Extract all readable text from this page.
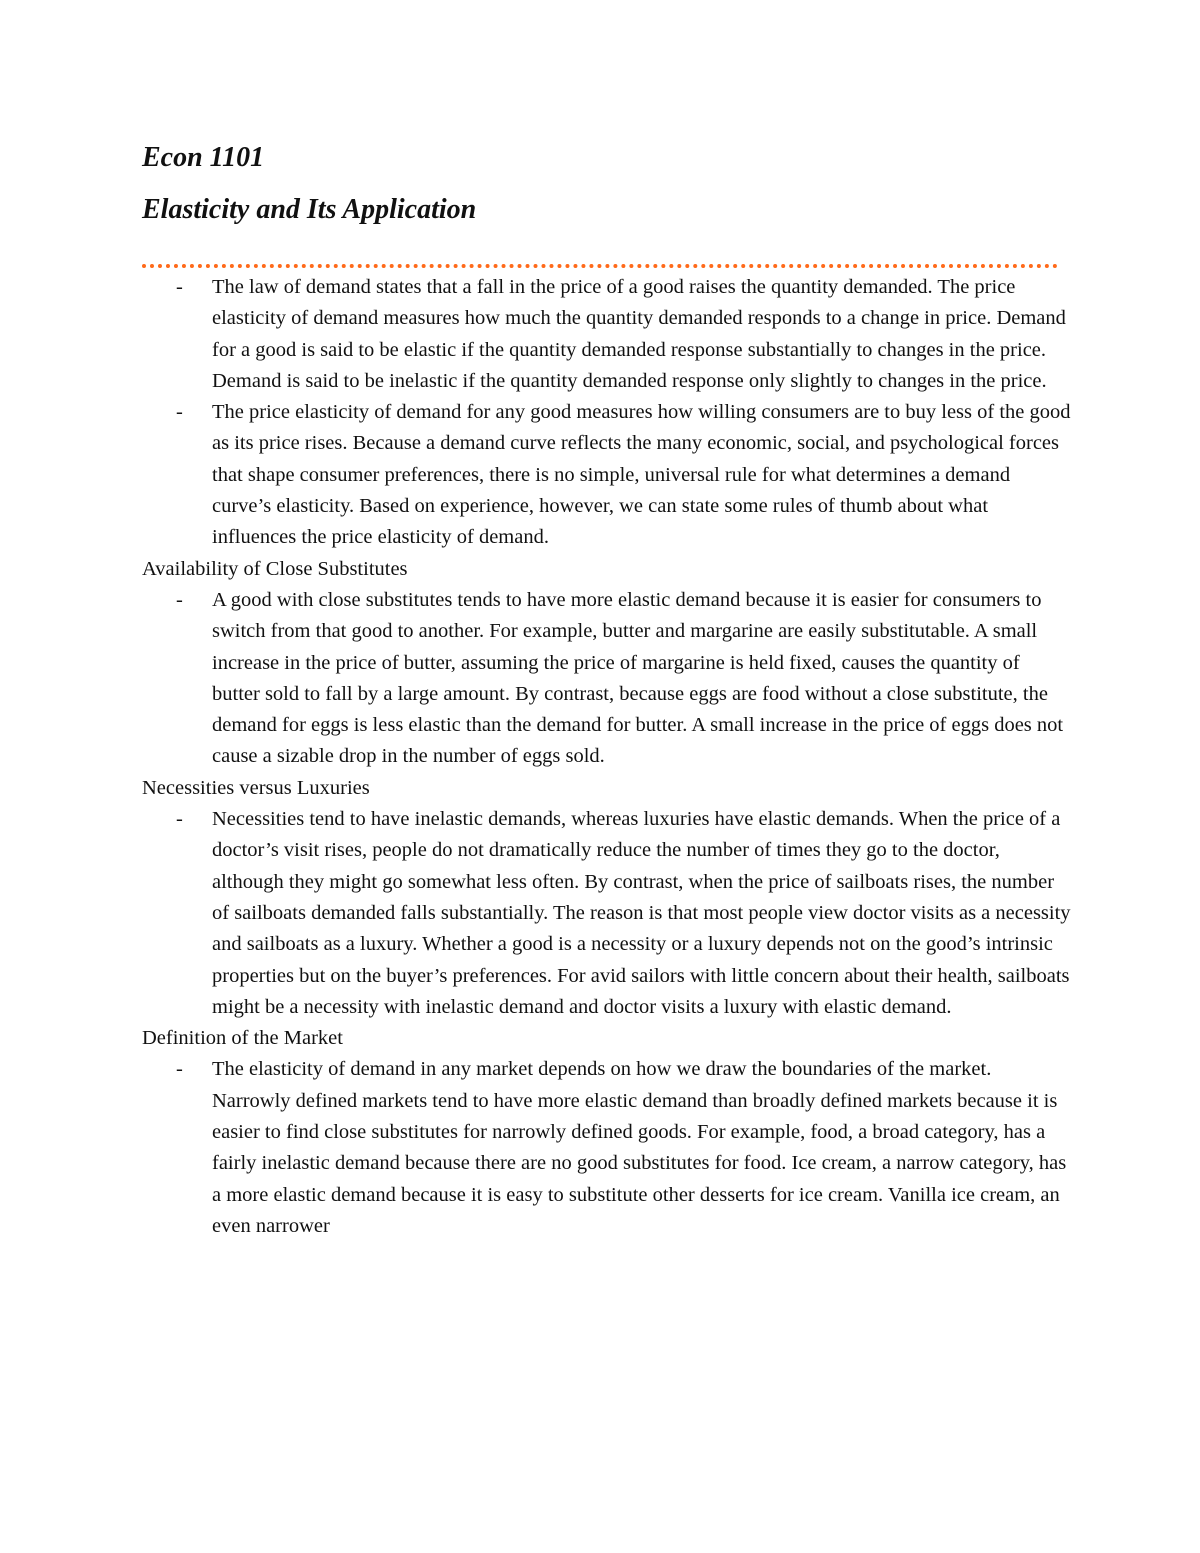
Econ 1101
Elasticity and Its Application
- The law of demand states that a fall in the price of a good raises the quantity demanded. The price elasticity of demand measures how much the quantity demanded responds to a change in price. Demand for a good is said to be elastic if the quantity demanded response substantially to changes in the price. Demand is said to be inelastic if the quantity demanded response only slightly to changes in the price.
- The price elasticity of demand for any good measures how willing consumers are to buy less of the good as its price rises. Because a demand curve reflects the many economic, social, and psychological forces that shape consumer preferences, there is no simple, universal rule for what determines a demand curve’s elasticity. Based on experience, however, we can state some rules of thumb about what influences the price elasticity of demand.

Availability of Close Substitutes

- A good with close substitutes tends to have more elastic demand because it is easier for consumers to switch from that good to another. For example, butter and margarine are easily substitutable. A small increase in the price of butter, assuming the price of margarine is held fixed, causes the quantity of butter sold to fall by a large amount. By contrast, because eggs are food without a close substitute, the demand for eggs is less elastic than the demand for butter. A small increase in the price of eggs does not cause a sizable drop in the number of eggs sold.

Necessities versus Luxuries

- Necessities tend to have inelastic demands, whereas luxuries have elastic demands. When the price of a doctor’s visit rises, people do not dramatically reduce the number of times they go to the doctor, although they might go somewhat less often. By contrast, when the price of sailboats rises, the number of sailboats demanded falls substantially. The reason is that most people view doctor visits as a necessity and sailboats as a luxury. Whether a good is a necessity or a luxury depends not on the good’s intrinsic properties but on the buyer’s preferences. For avid sailors with little concern about their health, sailboats might be a necessity with inelastic demand and doctor visits a luxury with elastic demand.

Definition of the Market

- The elasticity of demand in any market depends on how we draw the boundaries of the market. Narrowly defined markets tend to have more elastic demand than broadly defined markets because it is easier to find close substitutes for narrowly defined goods. For example, food, a broad category, has a fairly inelastic demand because there are no good substitutes for food. Ice cream, a narrow category, has a more elastic demand because it is easy to substitute other desserts for ice cream. Vanilla ice cream, an even narrower
